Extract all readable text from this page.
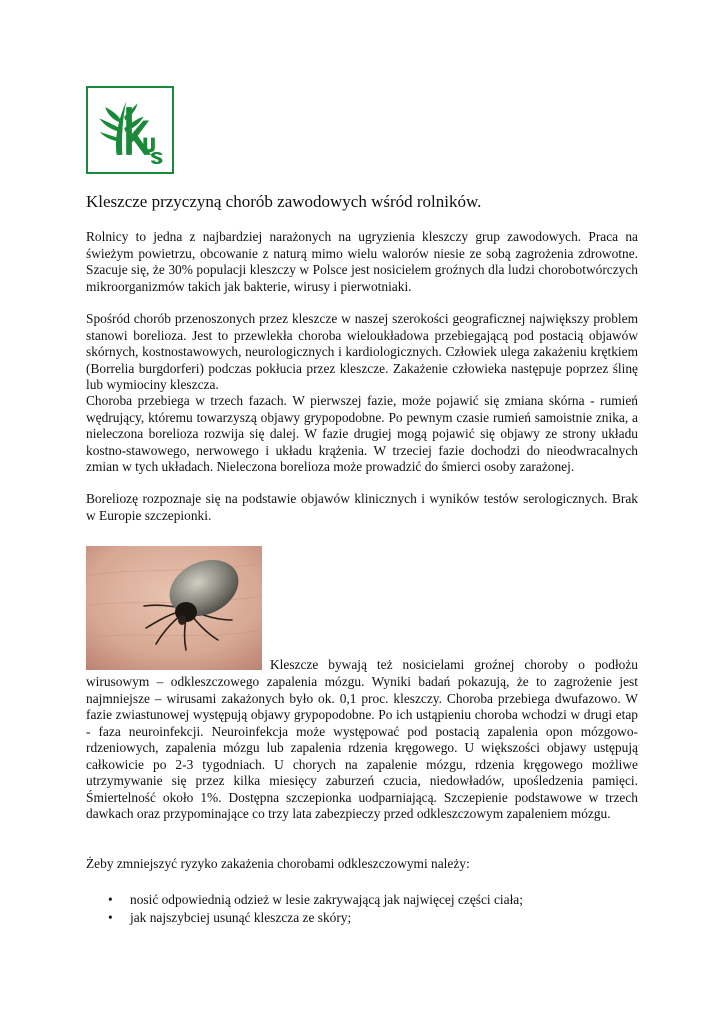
Kleszcze przyczyną chorób zawodowych wśród rolników.

Rolnicy to jedna z najbardziej narażonych na ugryzienia kleszczy grup zawodowych. Praca na świeżym powietrzu, obcowanie z naturą mimo wielu walorów niesie ze sobą zagrożenia zdrowotne. Szacuje się, że 30% populacji kleszczy w Polsce jest nosicielem groźnych dla ludzi chorobotwórczych mikroorganizmów takich jak bakterie, wirusy i pierwotniaki.

Spośród chorób przenoszonych przez kleszcze w naszej szerokości geograficznej największy problem stanowi borelioza. Jest to przewlekła choroba wieloukładowa przebiegającą pod postacią objawów skórnych, kostnostawowych, neurologicznych i kardiologicznych. Człowiek ulega zakażeniu krętkiem (Borrelia burgdorferi) podczas pokłucia przez kleszcze. Zakażenie człowieka następuje poprzez ślinę lub wymiociny kleszcza.

Choroba przebiega w trzech fazach. W pierwszej fazie, może pojawić się zmiana skórna - rumień wędrujący, któremu towarzyszą objawy grypopodobne. Po pewnym czasie rumień samoistnie znika, a nieleczona borelioza rozwija się dalej. W fazie drugiej mogą pojawić się objawy ze strony układu kostno-stawowego, nerwowego i układu krążenia. W trzeciej fazie dochodzi do nieodwracalnych zmian w tych układach. Nieleczona borelioza może prowadzić do śmierci osoby zarażonej.

Boreliozę rozpoznaje się na podstawie objawów klinicznych i wyników testów serologicznych. Brak w Europie szczepionki.

Kleszcze bywają też nosicielami groźnej choroby o podłożu

wirusowym – odkleszczowego zapalenia mózgu. Wyniki badań pokazują, że to zagrożenie jest najmniejsze – wirusami zakażonych było ok. 0,1 proc. kleszczy. Choroba przebiega dwufazowo. W fazie zwiastunowej występują objawy grypopodobne. Po ich ustąpieniu choroba wchodzi w drugi etap - faza neuroinfekcji. Neuroinfekcja może występować pod postacią zapalenia opon mózgowo-rdzeniowych, zapalenia mózgu lub zapalenia rdzenia kręgowego. U większości objawy ustępują całkowicie po 2-3 tygodniach. U chorych na zapalenie mózgu, rdzenia kręgowego możliwe utrzymywanie się przez kilka miesięcy zaburzeń czucia, niedowładów, upośledzenia pamięci. Śmiertelność około 1%. Dostępna szczepionka uodparniającą. Szczepienie podstawowe w trzech dawkach oraz przypominające co trzy lata zabezpieczy przed odkleszczowym zapaleniem mózgu.

Żeby zmniejszyć ryzyko zakażenia chorobami odkleszczowymi należy:

• nosić odpowiednią odzież w lesie zakrywającą jak najwięcej części ciała;
• jak najszybciej usunąć kleszcza ze skóry;
